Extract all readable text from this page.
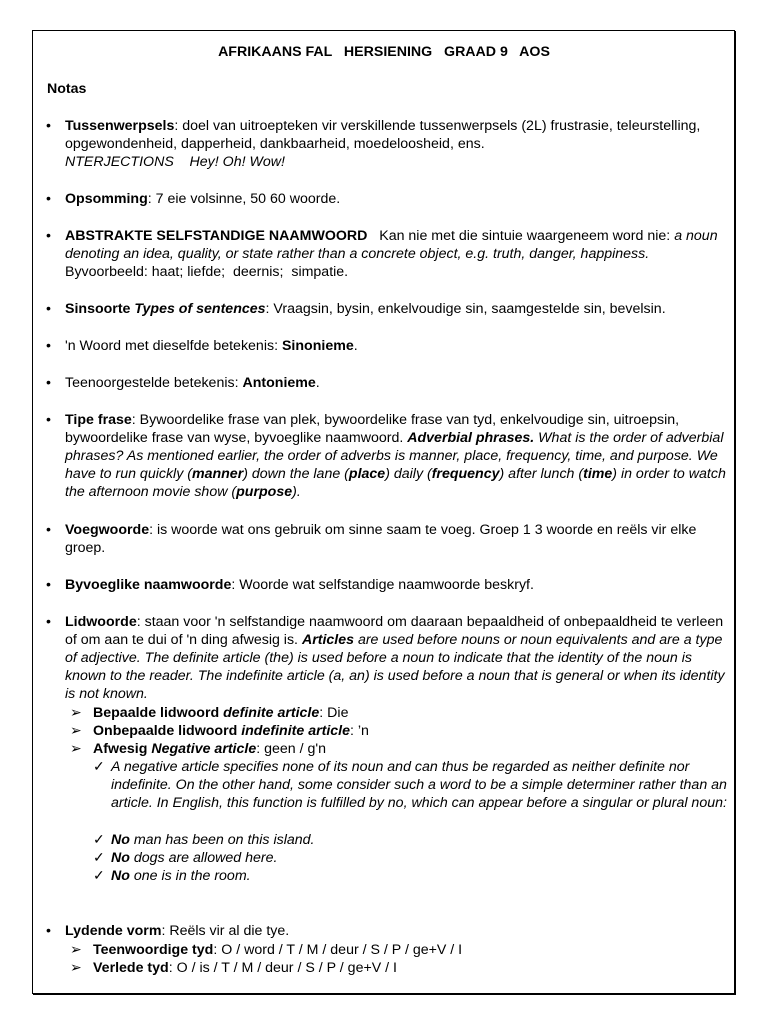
AFRIKAANS FAL   HERSIENING   GRAAD 9   AOS
Notas
• Tussenwerpsels: doel van uitroepteken vir verskillende tussenwerpsels (2L) frustrasie, teleurstelling, opgewondenheid, dapperheid, dankbaarheid, moedeloosheid, ens.
NTERJECTIONS    Hey! Oh! Wow!
• Opsomming: 7 eie volsinne, 50 60 woorde.
• ABSTRAKTE SELFSTANDIGE NAAMWOORD   Kan nie met die sintuie waargeneem word nie: a noun denoting an idea, quality, or state rather than a concrete object, e.g. truth, danger, happiness. Byvoorbeeld: haat; liefde;  deernis;  simpatie.
• Sinsoorte Types of sentences: Vraagsin, bysin, enkelvoudige sin, saamgestelde sin, bevelsin.
• 'n Woord met dieselfde betekenis: Sinonieme.
• Teenoorgestelde betekenis: Antonieme.
• Tipe frase: Bywoordelike frase van plek, bywoordelike frase van tyd, enkelvoudige sin, uitroepsin, bywoordelike frase van wyse, byvoeglike naamwoord. Adverbial phrases. What is the order of adverbial phrases? As mentioned earlier, the order of adverbs is manner, place, frequency, time, and purpose. We have to run quickly (manner) down the lane (place) daily (frequency) after lunch (time) in order to watch the afternoon movie show (purpose).
• Voegwoorde: is woorde wat ons gebruik om sinne saam te voeg. Groep 1 3 woorde en reëls vir elke groep.
• Byvoeglike naamwoorde: Woorde wat selfstandige naamwoorde beskryf.
• Lidwoorde: staan voor 'n selfstandige naamwoord om daaraan bepaaldheid of onbepaaldheid te verleen of om aan te dui of 'n ding afwesig is. Articles are used before nouns or noun equivalents and are a type of adjective. The definite article (the) is used before a noun to indicate that the identity of the noun is known to the reader. The indefinite article (a, an) is used before a noun that is general or when its identity is not known.
➢ Bepaalde lidwoord definite article: Die
➢ Onbepaalde lidwoord indefinite article: ’n
➢ Afwesig Negative article: geen / g'n
✓ A negative article specifies none of its noun and can thus be regarded as neither definite nor indefinite. On the other hand, some consider such a word to be a simple determiner rather than an article. In English, this function is fulfilled by no, which can appear before a singular or plural noun:
✓ No man has been on this island.
✓ No dogs are allowed here.
✓ No one is in the room.
• Lydende vorm: Reëls vir al die tye.
➢ Teenwoordige tyd: O / word / T / M / deur / S / P / ge+V / I
➢ Verlede tyd: O / is / T / M / deur / S / P / ge+V / I
